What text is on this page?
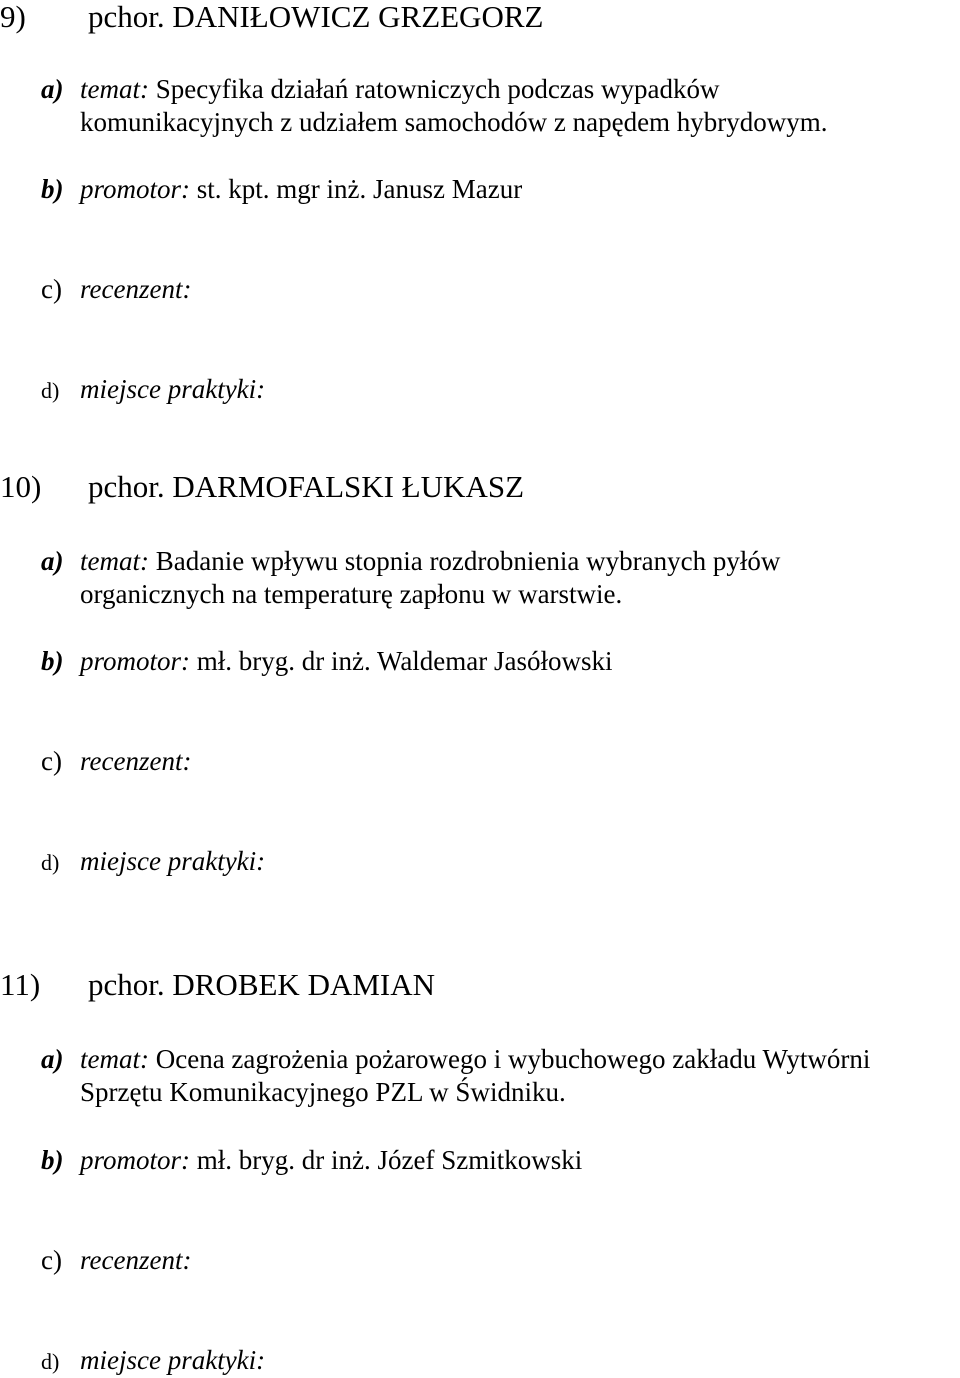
9) pchor. DANIŁOWICZ GRZEGORZ
a) temat: Specyfika działań ratowniczych podczas wypadków
komunikacyjnych z udziałem samochodów z napędem hybrydowym.
b) promotor: st. kpt. mgr inż. Janusz Mazur
c) recenzent:
d) miejsce praktyki:
10) pchor. DARMOFALSKI ŁUKASZ
a) temat: Badanie wpływu stopnia rozdrobnienia wybranych pyłów
organicznych na temperaturę zapłonu w warstwie.
b) promotor: mł. bryg. dr inż. Waldemar Jasółowski
c) recenzent:
d) miejsce praktyki:
11) pchor. DROBEK DAMIAN
a) temat: Ocena zagrożenia pożarowego i wybuchowego zakładu Wytwórni
Sprzętu Komunikacyjnego PZL w Świdniku.
b) promotor: mł. bryg. dr inż. Józef Szmitkowski
c) recenzent:
d) miejsce praktyki:
